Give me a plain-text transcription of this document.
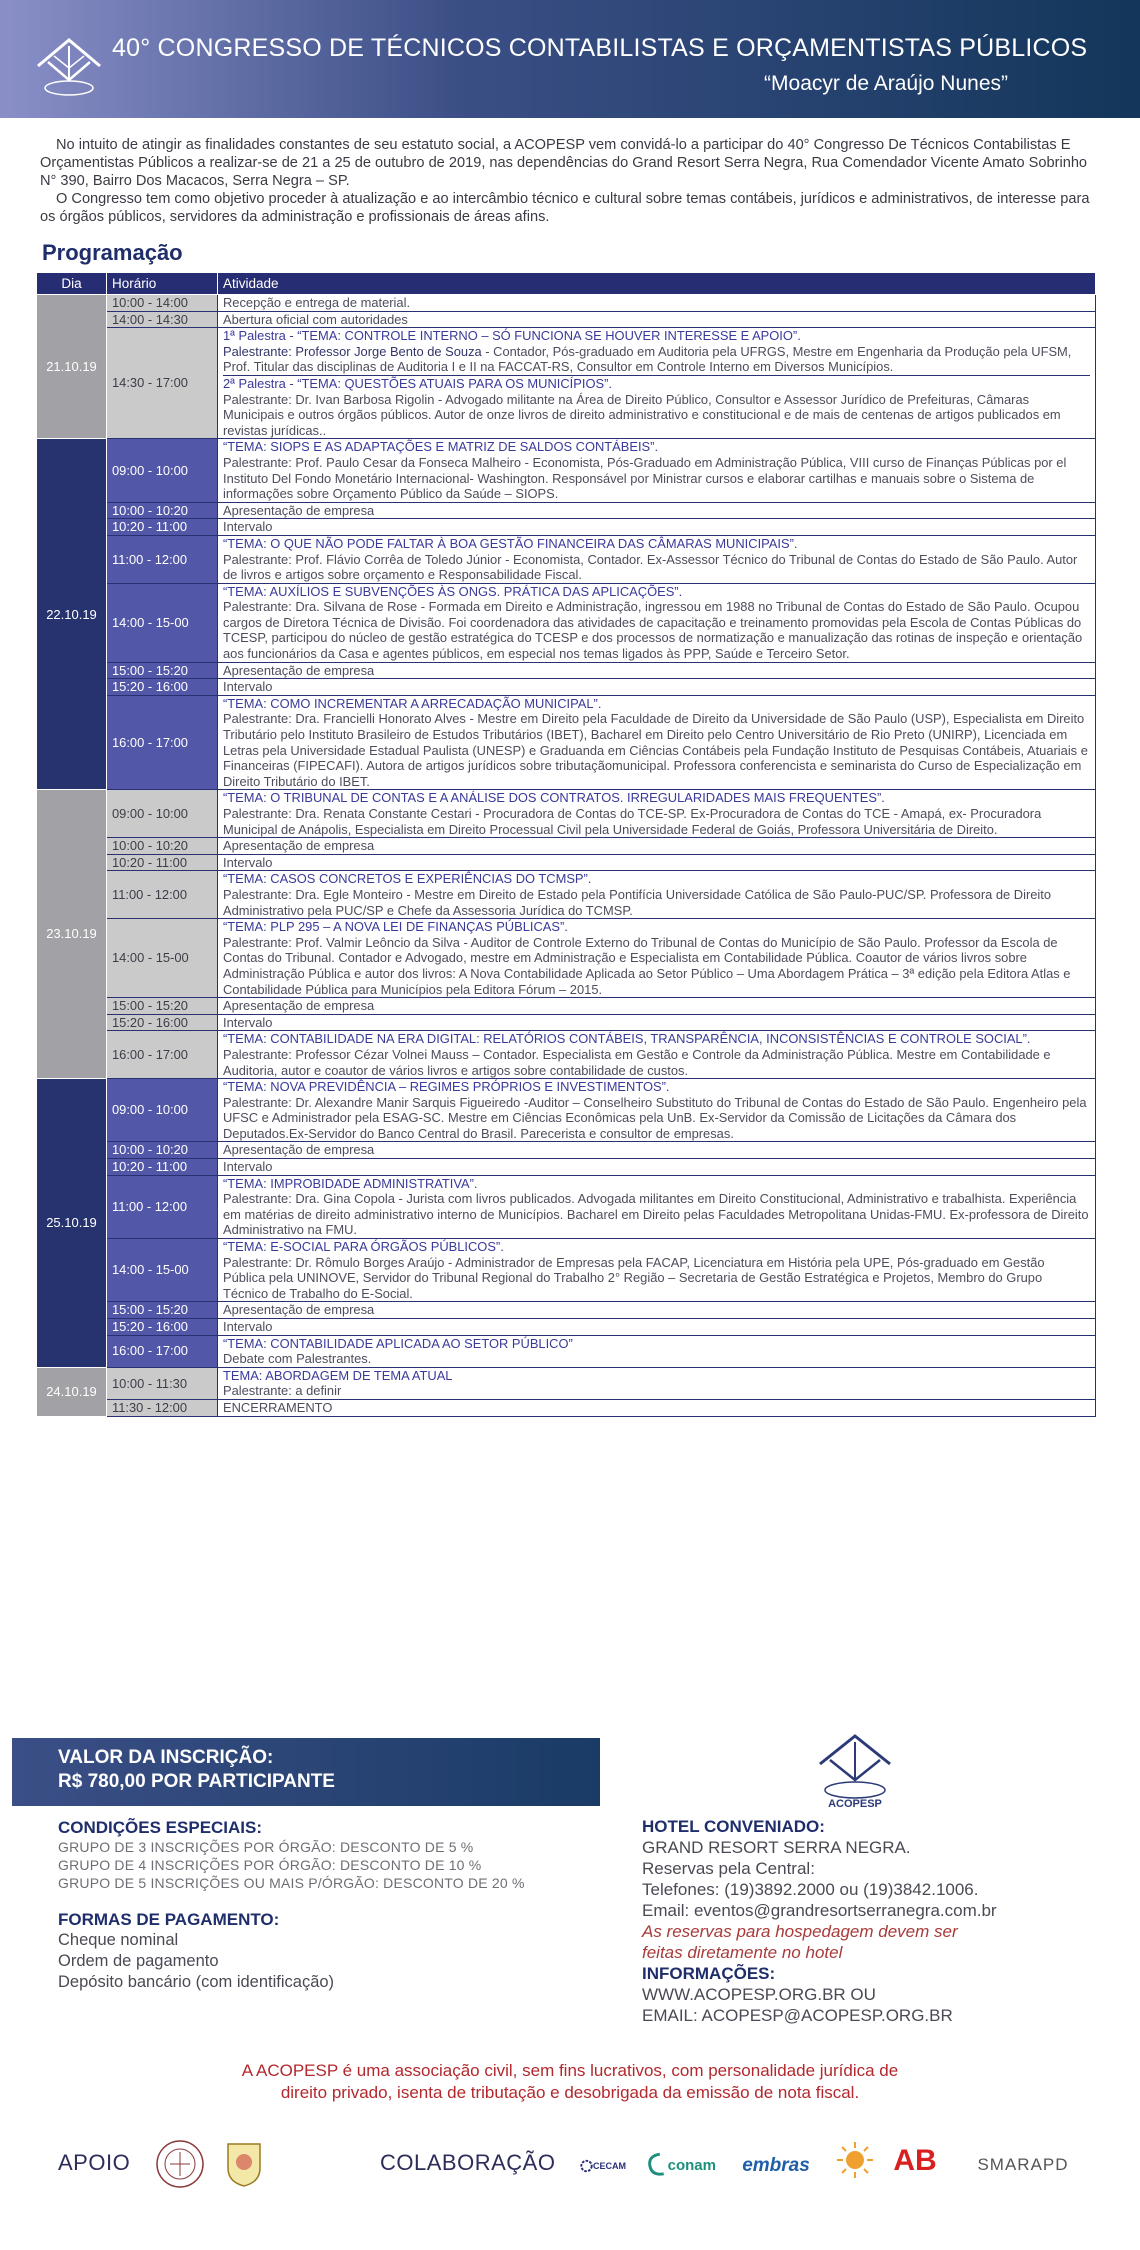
40° CONGRESSO DE TÉCNICOS CONTABILISTAS E ORÇAMENTISTAS PÚBLICOS
“Moacyr de Araújo Nunes”

No intuito de atingir as finalidades constantes de seu estatuto social, a ACOPESP vem convidá-lo a participar do 40° Congresso De Técnicos Contabilistas E Orçamentistas Públicos a realizar-se de 21 a 25 de outubro de 2019, nas dependências do Grand Resort Serra Negra, Rua Comendador Vicente Amato Sobrinho N° 390, Bairro Dos Macacos, Serra Negra – SP.

O Congresso tem como objetivo proceder à atualização e ao intercâmbio técnico e cultural sobre temas contábeis, jurídicos e administrativos, de interesse para os órgãos públicos, servidores da administração e profissionais de áreas afins.

Programação
Dia	Horário	Atividade
21.10.19	10:00 - 14:00	Recepção e entrega de material.

	14:00 - 14:30	Abertura oficial com autoridades

	14:30 - 17:00	1ª Palestra - “TEMA: CONTROLE INTERNO – SÓ FUNCIONA SE HOUVER INTERESSE E APOIO”.
Palestrante: Professor Jorge Bento de Souza - Contador, Pós-graduado em Auditoria pela UFRGS, Mestre em Engenharia da Produção pela UFSM, Prof. Titular das disciplinas de Auditoria I e II na FACCAT-RS, Consultor em Controle Interno em Diversos Municípios.
2ª Palestra - “TEMA: QUESTÕES ATUAIS PARA OS MUNICÍPIOS”.
Palestrante: Dr. Ivan Barbosa Rigolin - Advogado militante na Área de Direito Público, Consultor e Assessor Jurídico de Prefeituras, Câmaras Municipais e outros órgãos públicos. Autor de onze livros de direito administrativo e constitucional e de mais de centenas de artigos publicados em revistas jurídicas..

22.10.19	09:00 - 10:00	“TEMA: SIOPS E AS ADAPTAÇÕES E MATRIZ DE SALDOS CONTÁBEIS”.
Palestrante: Prof. Paulo Cesar da Fonseca Malheiro - Economista, Pós-Graduado em Administração Pública, VIII curso de Finanças Públicas por el Instituto Del Fondo Monetário Internacional- Washington. Responsável por Ministrar cursos e elaborar cartilhas e manuais sobre o Sistema de informações sobre Orçamento Público da Saúde – SIOPS.

	10:00 - 10:20	Apresentação de empresa

	10:20 - 11:00	Intervalo

	11:00 - 12:00	“TEMA: O QUE NÃO PODE FALTAR À BOA GESTÃO FINANCEIRA DAS CÂMARAS MUNICIPAIS”.
Palestrante: Prof. Flávio Corrêa de Toledo Júnior - Economista, Contador. Ex-Assessor Técnico do Tribunal de Contas do Estado de São Paulo. Autor de livros e artigos sobre orçamento e Responsabilidade Fiscal.

	14:00 - 15-00	“TEMA: AUXÍLIOS E SUBVENÇÕES ÀS ONGS. PRÁTICA DAS APLICAÇÕES”.
Palestrante: Dra. Silvana de Rose - Formada em Direito e Administração, ingressou em 1988 no Tribunal de Contas do Estado de São Paulo. Ocupou cargos de Diretora Técnica de Divisão. Foi coordenadora das atividades de capacitação e treinamento promovidas pela Escola de Contas Públicas do TCESP, participou do núcleo de gestão estratégica do TCESP e dos processos de normatização e manualização das rotinas de inspeção e orientação aos funcionários da Casa e agentes públicos, em especial nos temas ligados às PPP, Saúde e Terceiro Setor.

	15:00 - 15:20	Apresentação de empresa

	15:20 - 16:00	Intervalo

	16:00 - 17:00	“TEMA: COMO INCREMENTAR A ARRECADAÇÃO MUNICIPAL”.
Palestrante: Dra. Francielli Honorato Alves - Mestre em Direito pela Faculdade de Direito da Universidade de São Paulo (USP), Especialista em Direito Tributário pelo Instituto Brasileiro de Estudos Tributários (IBET), Bacharel em Direito pelo Centro Universitário de Rio Preto (UNIRP), Licenciada em Letras pela Universidade Estadual Paulista (UNESP) e Graduanda em Ciências Contábeis pela Fundação Instituto de Pesquisas Contábeis, Atuariais e Financeiras (FIPECAFI). Autora de artigos jurídicos sobre tributaçãomunicipal. Professora conferencista e seminarista do Curso de Especialização em Direito Tributário do IBET.

23.10.19	09:00 - 10:00	“TEMA: O TRIBUNAL DE CONTAS E A ANÁLISE DOS CONTRATOS. IRREGULARIDADES MAIS FREQUENTES”.
Palestrante: Dra. Renata Constante Cestari - Procuradora de Contas do TCE-SP. Ex-Procuradora de Contas do TCE - Amapá, ex- Procuradora Municipal de Anápolis, Especialista em Direito Processual Civil pela Universidade Federal de Goiás, Professora Universitária de Direito.

	10:00 - 10:20	Apresentação de empresa

	10:20 - 11:00	Intervalo

	11:00 - 12:00	“TEMA: CASOS CONCRETOS E EXPERIÊNCIAS DO TCMSP”.
Palestrante: Dra. Egle Monteiro - Mestre em Direito de Estado pela Pontifícia Universidade Católica de São Paulo-PUC/SP. Professora de Direito Administrativo pela PUC/SP e Chefe da Assessoria Jurídica do TCMSP.

	14:00 - 15-00	“TEMA: PLP 295 – A NOVA LEI DE FINANÇAS PÚBLICAS”.
Palestrante: Prof. Valmir Leôncio da Silva - Auditor de Controle Externo do Tribunal de Contas do Município de São Paulo. Professor da Escola de Contas do Tribunal. Contador e Advogado, mestre em Administração e Especialista em Contabilidade Pública. Coautor de vários livros sobre Administração Pública e autor dos livros: A Nova Contabilidade Aplicada ao Setor Público – Uma Abordagem Prática – 3ª edição pela Editora Atlas e Contabilidade Pública para Municípios pela Editora Fórum – 2015.

	15:00 - 15:20	Apresentação de empresa

	15:20 - 16:00	Intervalo

	16:00 - 17:00	“TEMA: CONTABILIDADE NA ERA DIGITAL: RELATÓRIOS CONTÁBEIS, TRANSPARÊNCIA, INCONSISTÊNCIAS E CONTROLE SOCIAL”.
Palestrante: Professor Cézar Volnei Mauss – Contador. Especialista em Gestão e Controle da Administração Pública. Mestre em Contabilidade e Auditoria, autor e coautor de vários livros e artigos sobre contabilidade de custos.

25.10.19	09:00 - 10:00	“TEMA: NOVA PREVIDÊNCIA – REGIMES PRÓPRIOS E INVESTIMENTOS”.
Palestrante: Dr. Alexandre Manir Sarquis Figueiredo -Auditor – Conselheiro Substituto do Tribunal de Contas do Estado de São Paulo. Engenheiro pela UFSC e Administrador pela ESAG-SC. Mestre em Ciências Econômicas pela UnB. Ex-Servidor da Comissão de Licitações da Câmara dos Deputados.Ex-Servidor do Banco Central do Brasil. Parecerista e consultor de empresas.

	10:00 - 10:20	Apresentação de empresa

	10:20 - 11:00	Intervalo

	11:00 - 12:00	“TEMA: IMPROBIDADE ADMINISTRATIVA”.
Palestrante: Dra. Gina Copola - Jurista com livros publicados. Advogada militantes em Direito Constitucional, Administrativo e trabalhista. Experiência em matérias de direito administrativo interno de Municípios. Bacharel em Direito pelas Faculdades Metropolitana Unidas-FMU. Ex-professora de Direito Administrativo na FMU.

	14:00 - 15-00	“TEMA: E-SOCIAL PARA ÓRGÃOS PÚBLICOS”.
Palestrante: Dr. Rômulo Borges Araújo - Administrador de Empresas pela FACAP, Licenciatura em História pela UPE, Pós-graduado em Gestão Pública pela UNINOVE, Servidor do Tribunal Regional do Trabalho 2° Região – Secretaria de Gestão Estratégica e Projetos, Membro do Grupo Técnico de Trabalho do E-Social.

	15:00 - 15:20	Apresentação de empresa

	15:20 - 16:00	Intervalo

	16:00 - 17:00	“TEMA: CONTABILIDADE APLICADA AO SETOR PÚBLICO”
Debate com Palestrantes.

24.10.19	10:00 - 11:30	TEMA: ABORDAGEM DE TEMA ATUAL
Palestrante: a definir

	11:30 - 12:00	ENCERRAMENTO
VALOR DA INSCRIÇÃO:
R$ 780,00 POR PARTICIPANTE
ACOPESP
CONDIÇÕES ESPECIAIS:
GRUPO DE 3 INSCRIÇÕES POR ÓRGÃO: DESCONTO DE 5 %
GRUPO DE 4 INSCRIÇÕES POR ÓRGÃO: DESCONTO DE 10 %
GRUPO DE 5 INSCRIÇÕES OU MAIS P/ÓRGÃO: DESCONTO DE 20 %
FORMAS DE PAGAMENTO:
Cheque nominal
Ordem de pagamento
Depósito bancário (com identificação)
HOTEL CONVENIADO:
GRAND RESORT SERRA NEGRA.
Reservas pela Central:
Telefones: (19)3892.2000 ou (19)3842.1006.
Email: eventos@grandresortserranegra.com.br
As reservas para hospedagem devem ser
feitas diretamente no hotel
INFORMAÇÕES:
WWW.ACOPESP.ORG.BR OU
EMAIL: ACOPESP@ACOPESP.ORG.BR
A ACOPESP é uma associação civil, sem fins lucrativos, com personalidade jurídica de
direito privado, isenta de tributação e desobrigada da emissão de nota fiscal.
APOIO	COLABORAÇÃO	CECAM	conam embras	AB SMARAPD
